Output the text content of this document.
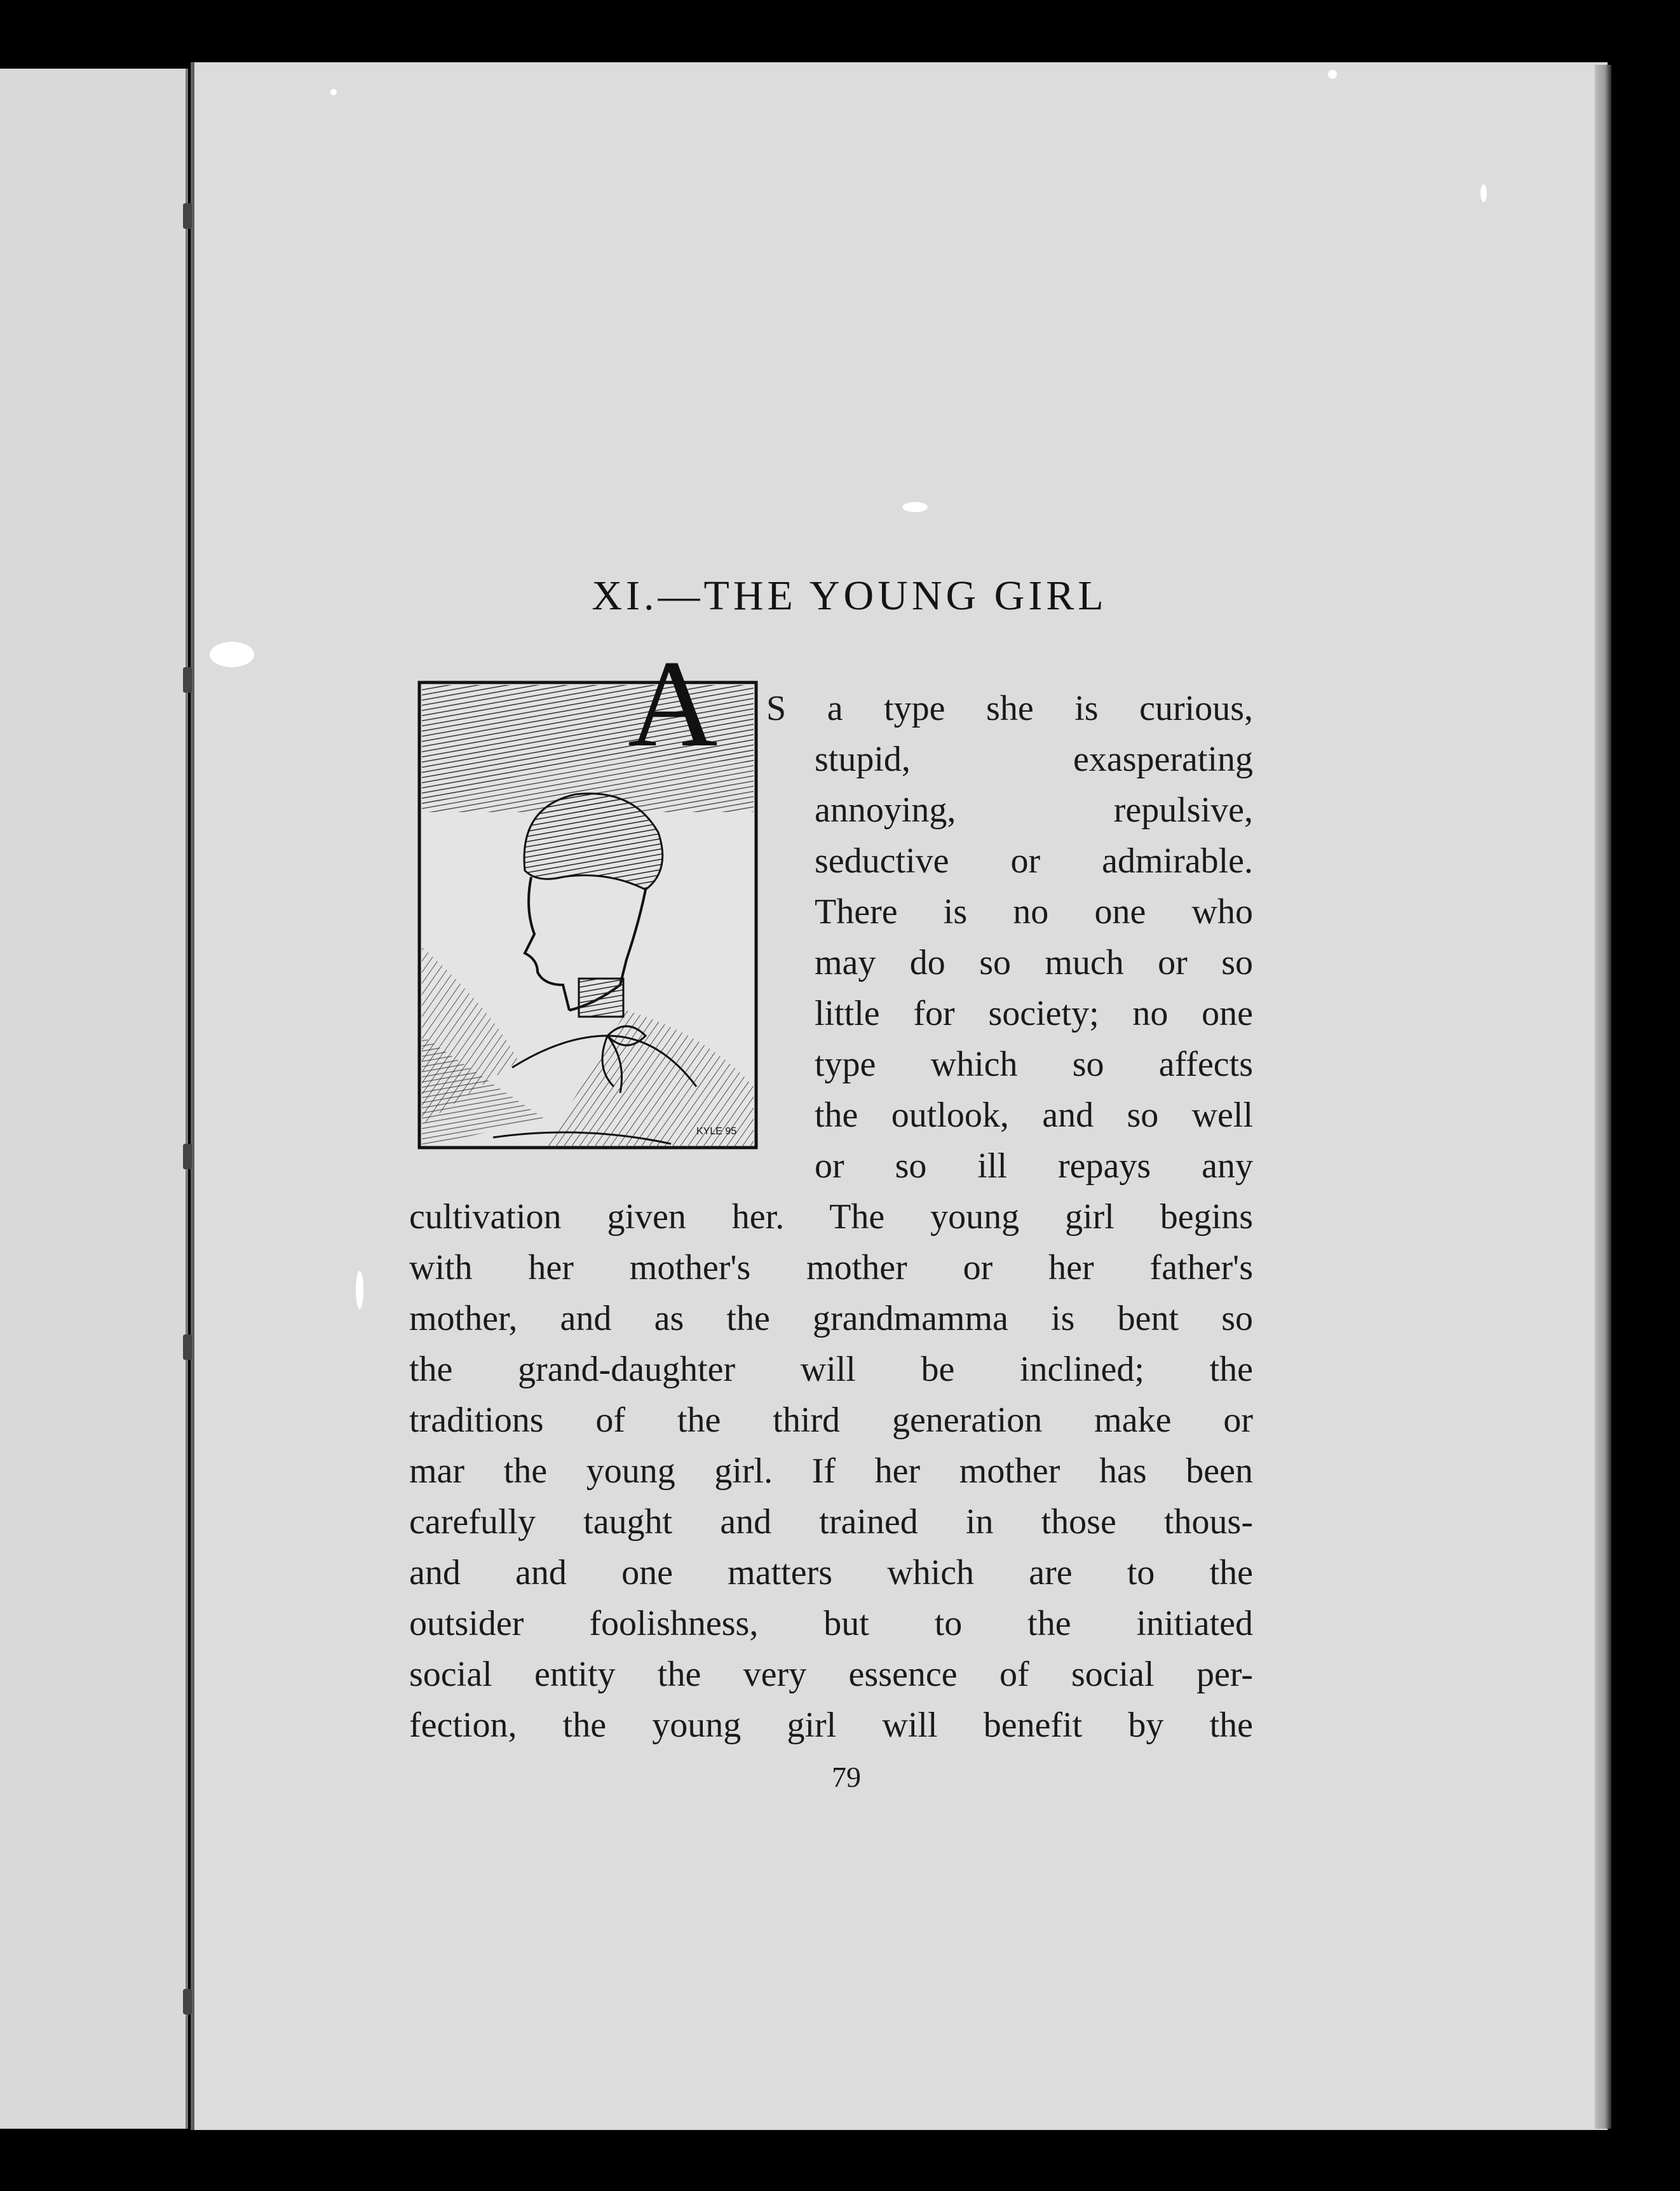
XI.—THE YOUNG GIRL
KYLE 95
A S a type she is curious,

stupid, exasperating

annoying, repulsive,

seductive or admirable.

There is no one who

may do so much or so

little for society; no one

type which so affects

the outlook, and so well

or so ill repays any

cultivation given her. The young girl begins

with her mother's mother or her father's

mother, and as the grandmamma is bent so

the grand-daughter will be inclined; the

traditions of the third generation make or

mar the young girl. If her mother has been

carefully taught and trained in those thous-

and and one matters which are to the

outsider foolishness, but to the initiated

social entity the very essence of social per-

fection, the young girl will benefit by the

79
